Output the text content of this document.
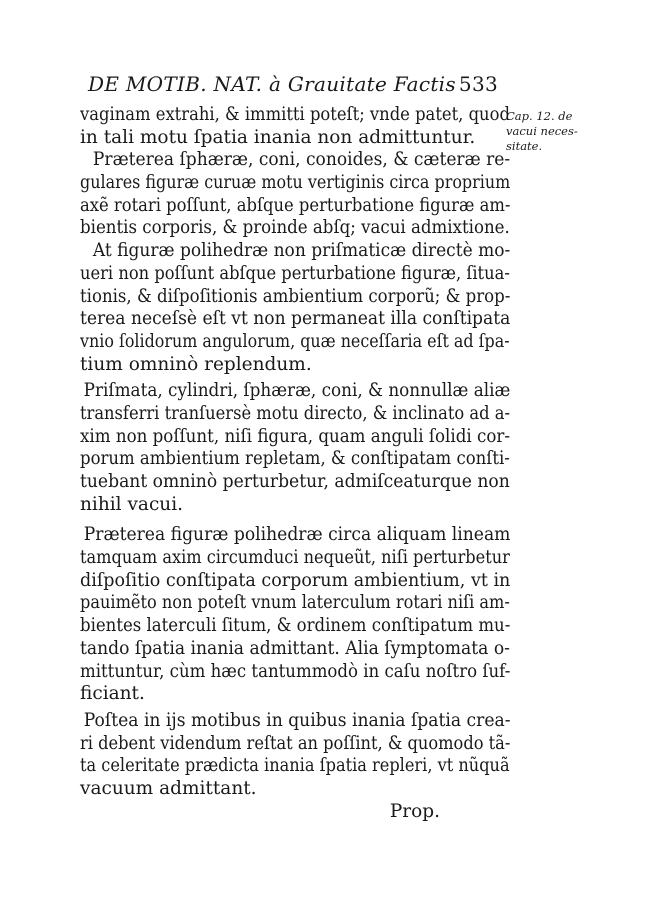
DE MOTIB. NAT. à Grauitate Factis 533
Cap. 12. de
vacui neces-
sitate.
vaginam extrahi, & immitti poteſt; vnde patet, quod
in tali motu ſpatia inania non admittuntur.
Præterea ſphæræ, coni, conoides, & cæteræ re-
gulares figuræ curuæ motu vertiginis circa proprium
axẽ rotari poſſunt, abſque perturbatione figuræ am-
bientis corporis, & proinde abſq; vacui admixtione.
At figuræ polihedræ non priſmaticæ directè mo-
ueri non poſſunt abſque perturbatione figuræ, ſitua-
tionis, & diſpoſitionis ambientium corporũ; & prop-
terea neceſsè eſt vt non permaneat illa conſtipata
vnio ſolidorum angulorum, quæ neceſſaria eſt ad ſpa-
tium omninò replendum.
Priſmata, cylindri, ſphæræ, coni, & nonnullæ aliæ
transferri tranſuersè motu directo, & inclinato ad a-
xim non poſſunt, niſi figura, quam anguli ſolidi cor-
porum ambientium repletam, & conſtipatam conſti-
tuebant omninò perturbetur, admiſceaturque non
nihil vacui.
Præterea figuræ polihedræ circa aliquam lineam
tamquam axim circumduci nequeũt, niſi perturbetur
diſpoſitio conſtipata corporum ambientium, vt in
pauimẽto non poteſt vnum laterculum rotari niſi am-
bientes laterculi ſitum, & ordinem conſtipatum mu-
tando ſpatia inania admittant. Alia ſymptomata o-
mittuntur, cùm hæc tantummodò in caſu noſtro ſuf-
ficiant.
Poſtea in ijs motibus in quibus inania ſpatia crea-
ri debent videndum reſtat an poſſint, & quomodo tã-
ta celeritate prædicta inania ſpatia repleri, vt nũquã
vacuum admittant.
Prop.
